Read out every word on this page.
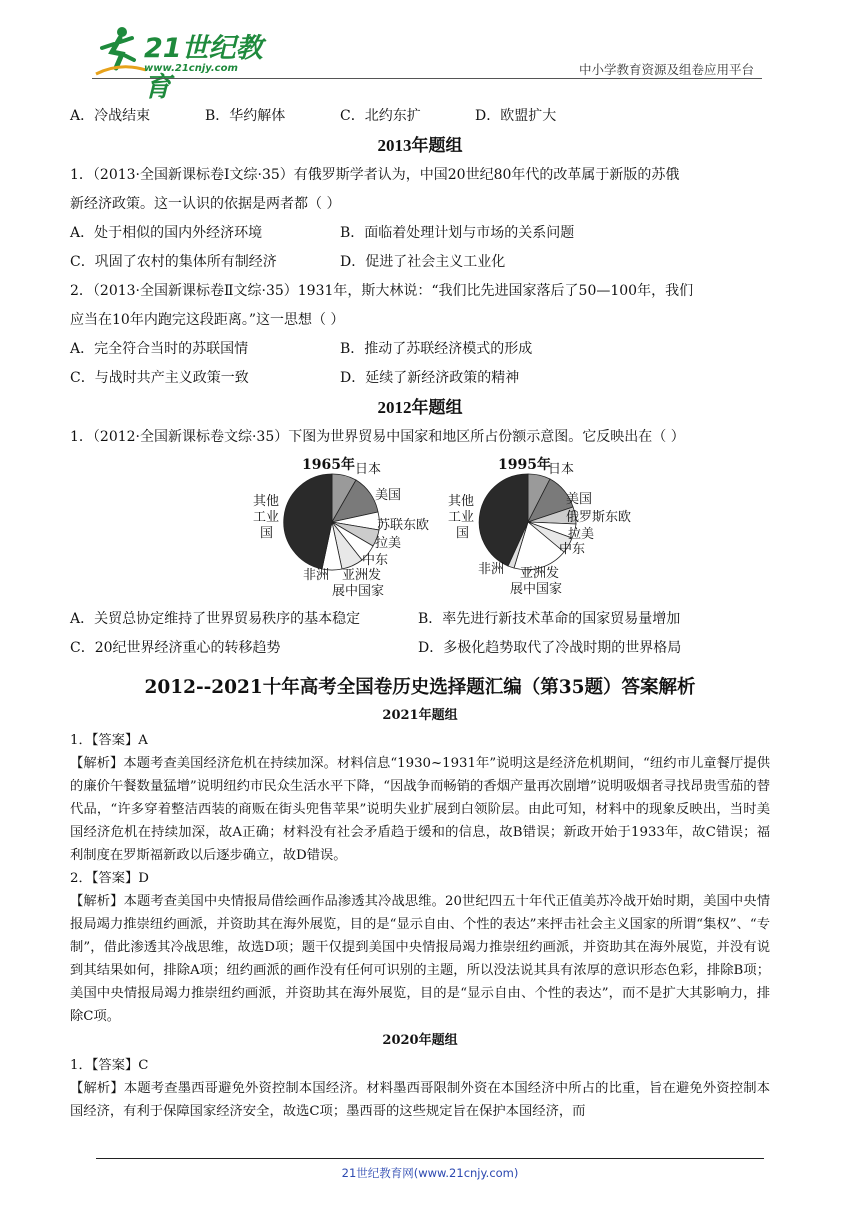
21世纪教育
www.21cnjy.com	中小学教育资源及组卷应用平台
A．冷战结束	B．华约解体	C．北约东扩	D．欧盟扩大
2013年题组
1．（2013·全国新课标卷Ⅰ文综·35）有俄罗斯学者认为，中国20世纪80年代的改革属于新版的苏俄
新经济政策。这一认识的依据是两者都（ ）
A．处于相似的国内外经济环境	B．面临着处理计划与市场的关系问题
C．巩固了农村的集体所有制经济	D．促进了社会主义工业化
2．（2013·全国新课标卷Ⅱ文综·35）1931年，斯大林说：“我们比先进国家落后了50—100年，我们
应当在10年内跑完这段距离。”这一思想（ ）
A．完全符合当时的苏联国情	B．推动了苏联经济模式的形成
C．与战时共产主义政策一致	D．延续了新经济政策的精神
2012年题组
1．（2012·全国新课标卷文综·35）下图为世界贸易中国家和地区所占份额示意图。它反映出在（ ）
1965年 日本
美国
苏联东欧
拉美
中东
非洲 亚洲发
展中国家
其他
工业
国
1995年
日本
美国
俄罗斯东欧
拉美
中东
非洲 亚洲发
展中国家
其他
工业
国
A．关贸总协定维持了世界贸易秩序的基本稳定	B．率先进行新技术革命的国家贸易量增加
C．20纪世界经济重心的转移趋势	D．多极化趋势取代了冷战时期的世界格局
2012--2021十年高考全国卷历史选择题汇编（第35题）答案解析
2021年题组

1．【答案】A

【解析】本题考查美国经济危机在持续加深。材料信息“1930~1931年”说明这是经济危机期间，“纽约市儿童餐厅提供的廉价午餐数量猛增”说明纽约市民众生活水平下降，“因战争而畅销的香烟产量再次剧增”说明吸烟者寻找昂贵雪茄的替代品，“许多穿着整洁西装的商贩在街头兜售苹果”说明失业扩展到白领阶层。由此可知，材料中的现象反映出，当时美国经济危机在持续加深，故A正确；材料没有社会矛盾趋于缓和的信息，故B错误；新政开始于1933年，故C错误；福利制度在罗斯福新政以后逐步确立，故D错误。

2．【答案】D

【解析】本题考查美国中央情报局借绘画作品渗透其冷战思维。20世纪四五十年代正值美苏冷战开始时期，美国中央情报局竭力推崇纽约画派，并资助其在海外展览，目的是“显示自由、个性的表达”来抨击社会主义国家的所谓“集权”、“专制”，借此渗透其冷战思维，故选D项；题干仅提到美国中央情报局竭力推崇纽约画派，并资助其在海外展览，并没有说到其结果如何，排除A项；纽约画派的画作没有任何可识别的主题，所以没法说其具有浓厚的意识形态色彩，排除B项；美国中央情报局竭力推崇纽约画派，并资助其在海外展览，目的是“显示自由、个性的表达”，而不是扩大其影响力，排除C项。

2020年题组

1．【答案】C

【解析】本题考查墨西哥避免外资控制本国经济。材料墨西哥限制外资在本国经济中所占的比重，旨在避免外资控制本国经济，有利于保障国家经济安全，故选C项；墨西哥的这些规定旨在保护本国经济，而

21世纪教育网(www.21cnjy.com)
